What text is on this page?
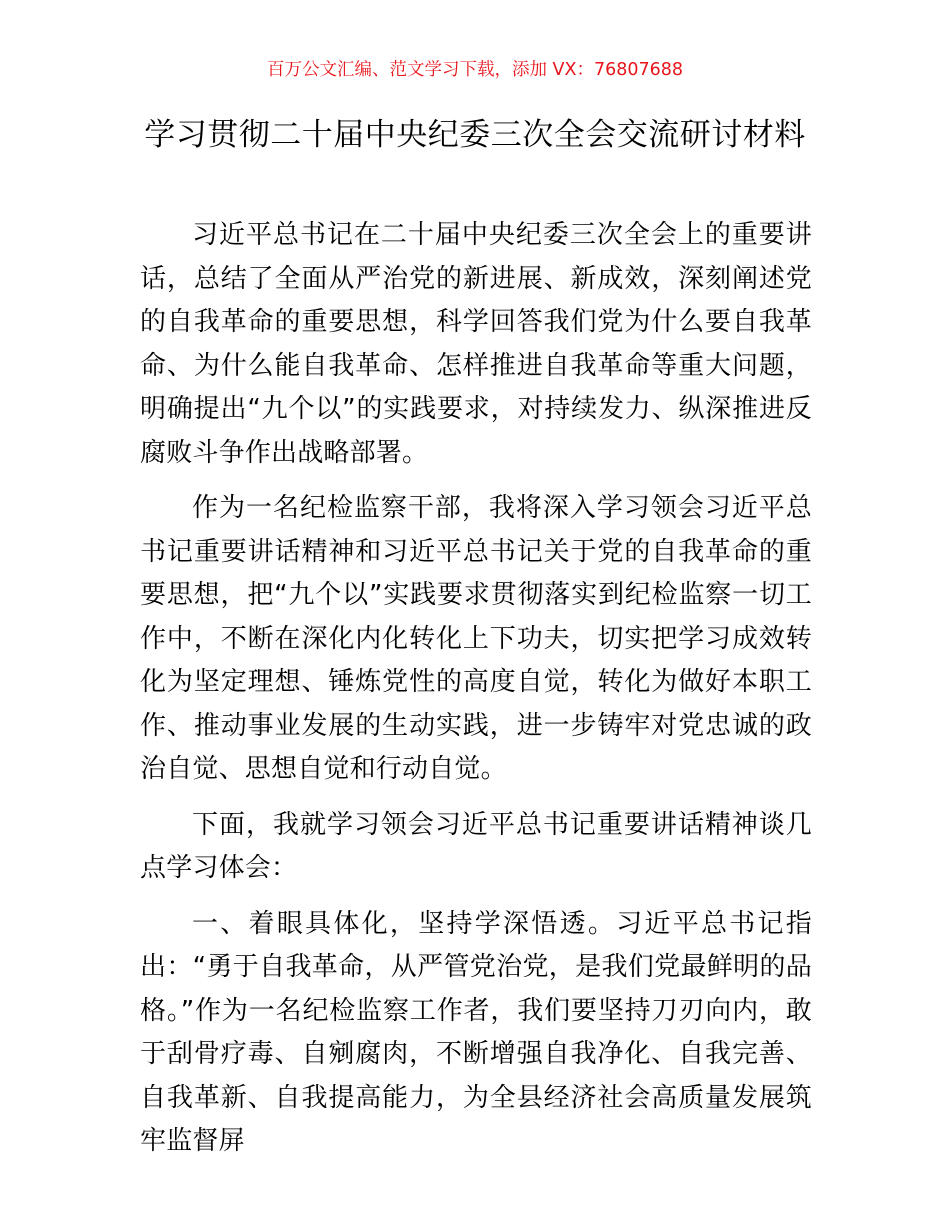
百万公文汇编、范文学习下载，添加 VX：76807688
学习贯彻二十届中央纪委三次全会交流研讨材料

习近平总书记在二十届中央纪委三次全会上的重要讲话，总结了全面从严治党的新进展、新成效，深刻阐述党的自我革命的重要思想，科学回答我们党为什么要自我革命、为什么能自我革命、怎样推进自我革命等重大问题，明确提出“九个以”的实践要求，对持续发力、纵深推进反腐败斗争作出战略部署。

作为一名纪检监察干部，我将深入学习领会习近平总书记重要讲话精神和习近平总书记关于党的自我革命的重要思想，把“九个以”实践要求贯彻落实到纪检监察一切工作中，不断在深化内化转化上下功夫，切实把学习成效转化为坚定理想、锤炼党性的高度自觉，转化为做好本职工作、推动事业发展的生动实践，进一步铸牢对党忠诚的政治自觉、思想自觉和行动自觉。

下面，我就学习领会习近平总书记重要讲话精神谈几点学习体会：

一、着眼具体化，坚持学深悟透。习近平总书记指出：“勇于自我革命，从严管党治党，是我们党最鲜明的品格。”作为一名纪检监察工作者，我们要坚持刀刃向内，敢于刮骨疗毒、自剜腐肉，不断增强自我净化、自我完善、自我革新、自我提高能力，为全县经济社会高质量发展筑牢监督屏
